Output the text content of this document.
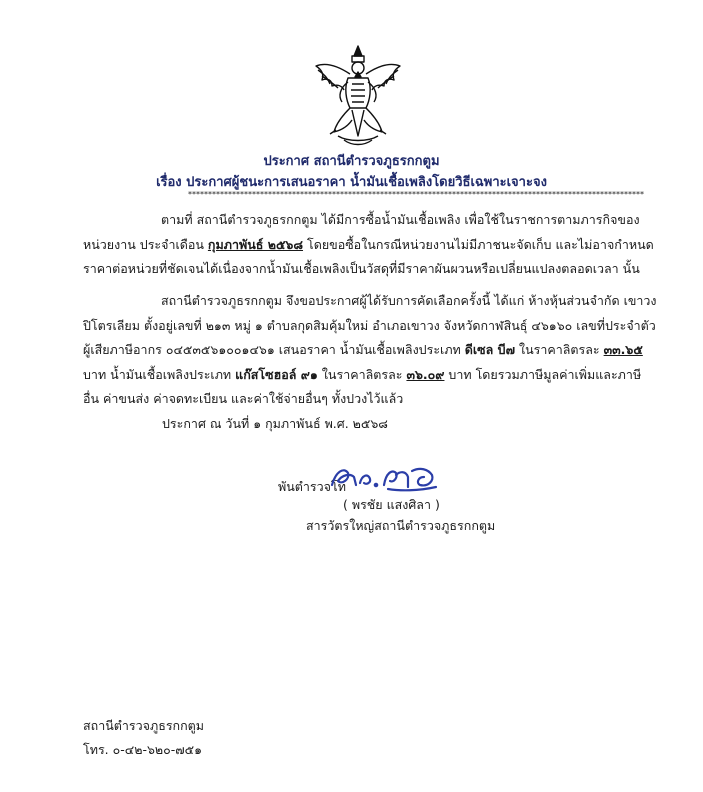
ประกาศ สถานีตำรวจภูธรกกตูม
เรื่อง ประกาศผู้ชนะการเสนอราคา น้ำมันเชื้อเพลิงโดยวิธีเฉพาะเจาะจง
******************************************************************************************************************
ตามที่ สถานีตำรวจภูธรกกตูม ได้มีการซื้อน้ำมันเชื้อเพลิง เพื่อใช้ในราชการตามภารกิจของ
หน่วยงาน ประจำเดือน กุมภาพันธ์ ๒๕๖๘ โดยขอซื้อในกรณีหน่วยงานไม่มีภาชนะจัดเก็บ และไม่อาจกำหนด
ราคาต่อหน่วยที่ชัดเจนได้เนื่องจากน้ำมันเชื้อเพลิงเป็นวัสดุที่มีราคาผันผวนหรือเปลี่ยนแปลงตลอดเวลา นั้น
สถานีตำรวจภูธรกกตูม จึงขอประกาศผู้ได้รับการคัดเลือกครั้งนี้ ได้แก่ ห้างหุ้นส่วนจำกัด เขาวง
ปิโตรเลียม ตั้งอยู่เลขที่ ๒๑๓ หมู่ ๑ ตำบลกุดสิมคุ้มใหม่ อำเภอเขาวง จังหวัดกาฬสินธุ์ ๔๖๑๖๐ เลขที่ประจำตัว
ผู้เสียภาษีอากร ๐๔๕๓๕๖๑๐๐๑๔๖๑ เสนอราคา น้ำมันเชื้อเพลิงประเภท ดีเซล บี๗ ในราคาลิตรละ ๓๓.๖๕
บาท น้ำมันเชื้อเพลิงประเภท แก๊สโซฮอล์ ๙๑ ในราคาลิตรละ ๓๖.๐๙ บาท โดยรวมภาษีมูลค่าเพิ่มและภาษี
อื่น ค่าขนส่ง ค่าจดทะเบียน และค่าใช้จ่ายอื่นๆ ทั้งปวงไว้แล้ว
ประกาศ ณ วันที่ ๑ กุมภาพันธ์ พ.ศ. ๒๕๖๘
พันตำรวจโท
( พรชัย แสงศิลา )
สารวัตรใหญ่สถานีตำรวจภูธรกกตูม
สถานีตำรวจภูธรกกตูม
โทร. ๐-๔๒-๖๒๐-๗๕๑
